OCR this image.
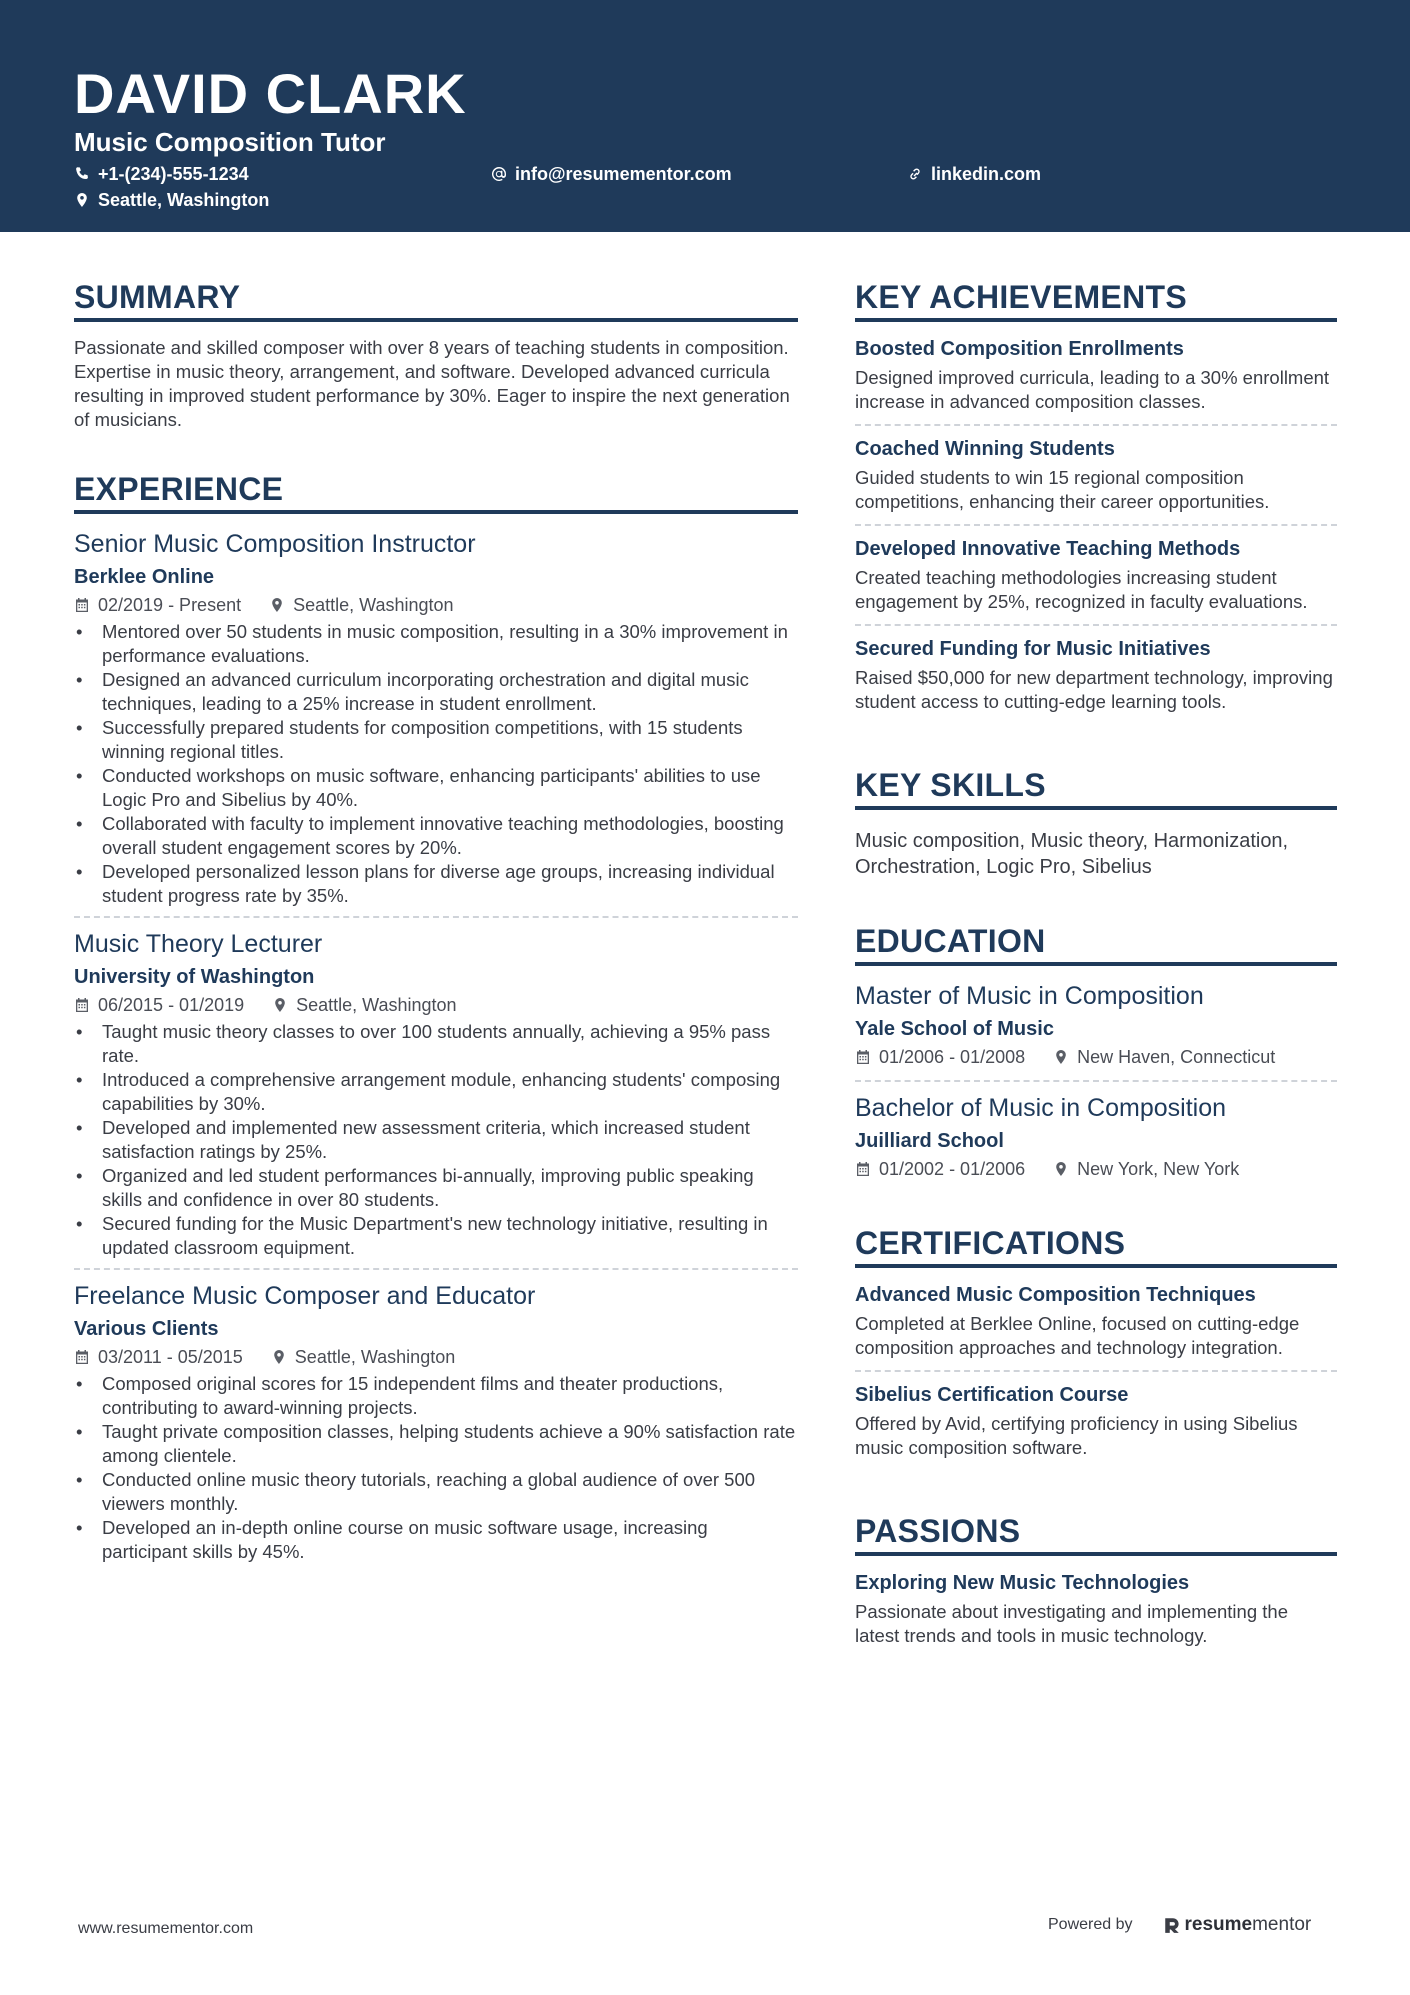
DAVID CLARK
Music Composition Tutor
+1-(234)-555-1234	info@resumementor.com	linkedin.com
Seattle, Washington
SUMMARY
Passionate and skilled composer with over 8 years of teaching students in composition. Expertise in music theory, arrangement, and software. Developed advanced curricula resulting in improved student performance by 30%. Eager to inspire the next generation of musicians.
EXPERIENCE
Senior Music Composition Instructor
Berklee Online
02/2019 - Present	Seattle, Washington
• Mentored over 50 students in music composition, resulting in a 30% improvement in performance evaluations.
• Designed an advanced curriculum incorporating orchestration and digital music techniques, leading to a 25% increase in student enrollment.
• Successfully prepared students for composition competitions, with 15 students winning regional titles.
• Conducted workshops on music software, enhancing participants' abilities to use Logic Pro and Sibelius by 40%.
• Collaborated with faculty to implement innovative teaching methodologies, boosting overall student engagement scores by 20%.
• Developed personalized lesson plans for diverse age groups, increasing individual student progress rate by 35%.
Music Theory Lecturer
University of Washington
06/2015 - 01/2019	Seattle, Washington
• Taught music theory classes to over 100 students annually, achieving a 95% pass rate.
• Introduced a comprehensive arrangement module, enhancing students' composing capabilities by 30%.
• Developed and implemented new assessment criteria, which increased student satisfaction ratings by 25%.
• Organized and led student performances bi-annually, improving public speaking skills and confidence in over 80 students.
• Secured funding for the Music Department's new technology initiative, resulting in updated classroom equipment.
Freelance Music Composer and Educator
Various Clients
03/2011 - 05/2015	Seattle, Washington
• Composed original scores for 15 independent films and theater productions, contributing to award-winning projects.
• Taught private composition classes, helping students achieve a 90% satisfaction rate among clientele.
• Conducted online music theory tutorials, reaching a global audience of over 500 viewers monthly.
• Developed an in-depth online course on music software usage, increasing participant skills by 45%.
KEY ACHIEVEMENTS
Boosted Composition Enrollments
Designed improved curricula, leading to a 30% enrollment increase in advanced composition classes.
Coached Winning Students
Guided students to win 15 regional composition competitions, enhancing their career opportunities.
Developed Innovative Teaching Methods
Created teaching methodologies increasing student engagement by 25%, recognized in faculty evaluations.
Secured Funding for Music Initiatives
Raised $50,000 for new department technology, improving student access to cutting-edge learning tools.
KEY SKILLS
Music composition, Music theory, Harmonization, Orchestration, Logic Pro, Sibelius
EDUCATION
Master of Music in Composition
Yale School of Music
01/2006 - 01/2008	New Haven, Connecticut
Bachelor of Music in Composition
Juilliard School
01/2002 - 01/2006	New York, New York
CERTIFICATIONS
Advanced Music Composition Techniques
Completed at Berklee Online, focused on cutting-edge composition approaches and technology integration.
Sibelius Certification Course
Offered by Avid, certifying proficiency in using Sibelius music composition software.
PASSIONS
Exploring New Music Technologies
Passionate about investigating and implementing the latest trends and tools in music technology.
www.resumementor.com	Powered by	resume mentor
